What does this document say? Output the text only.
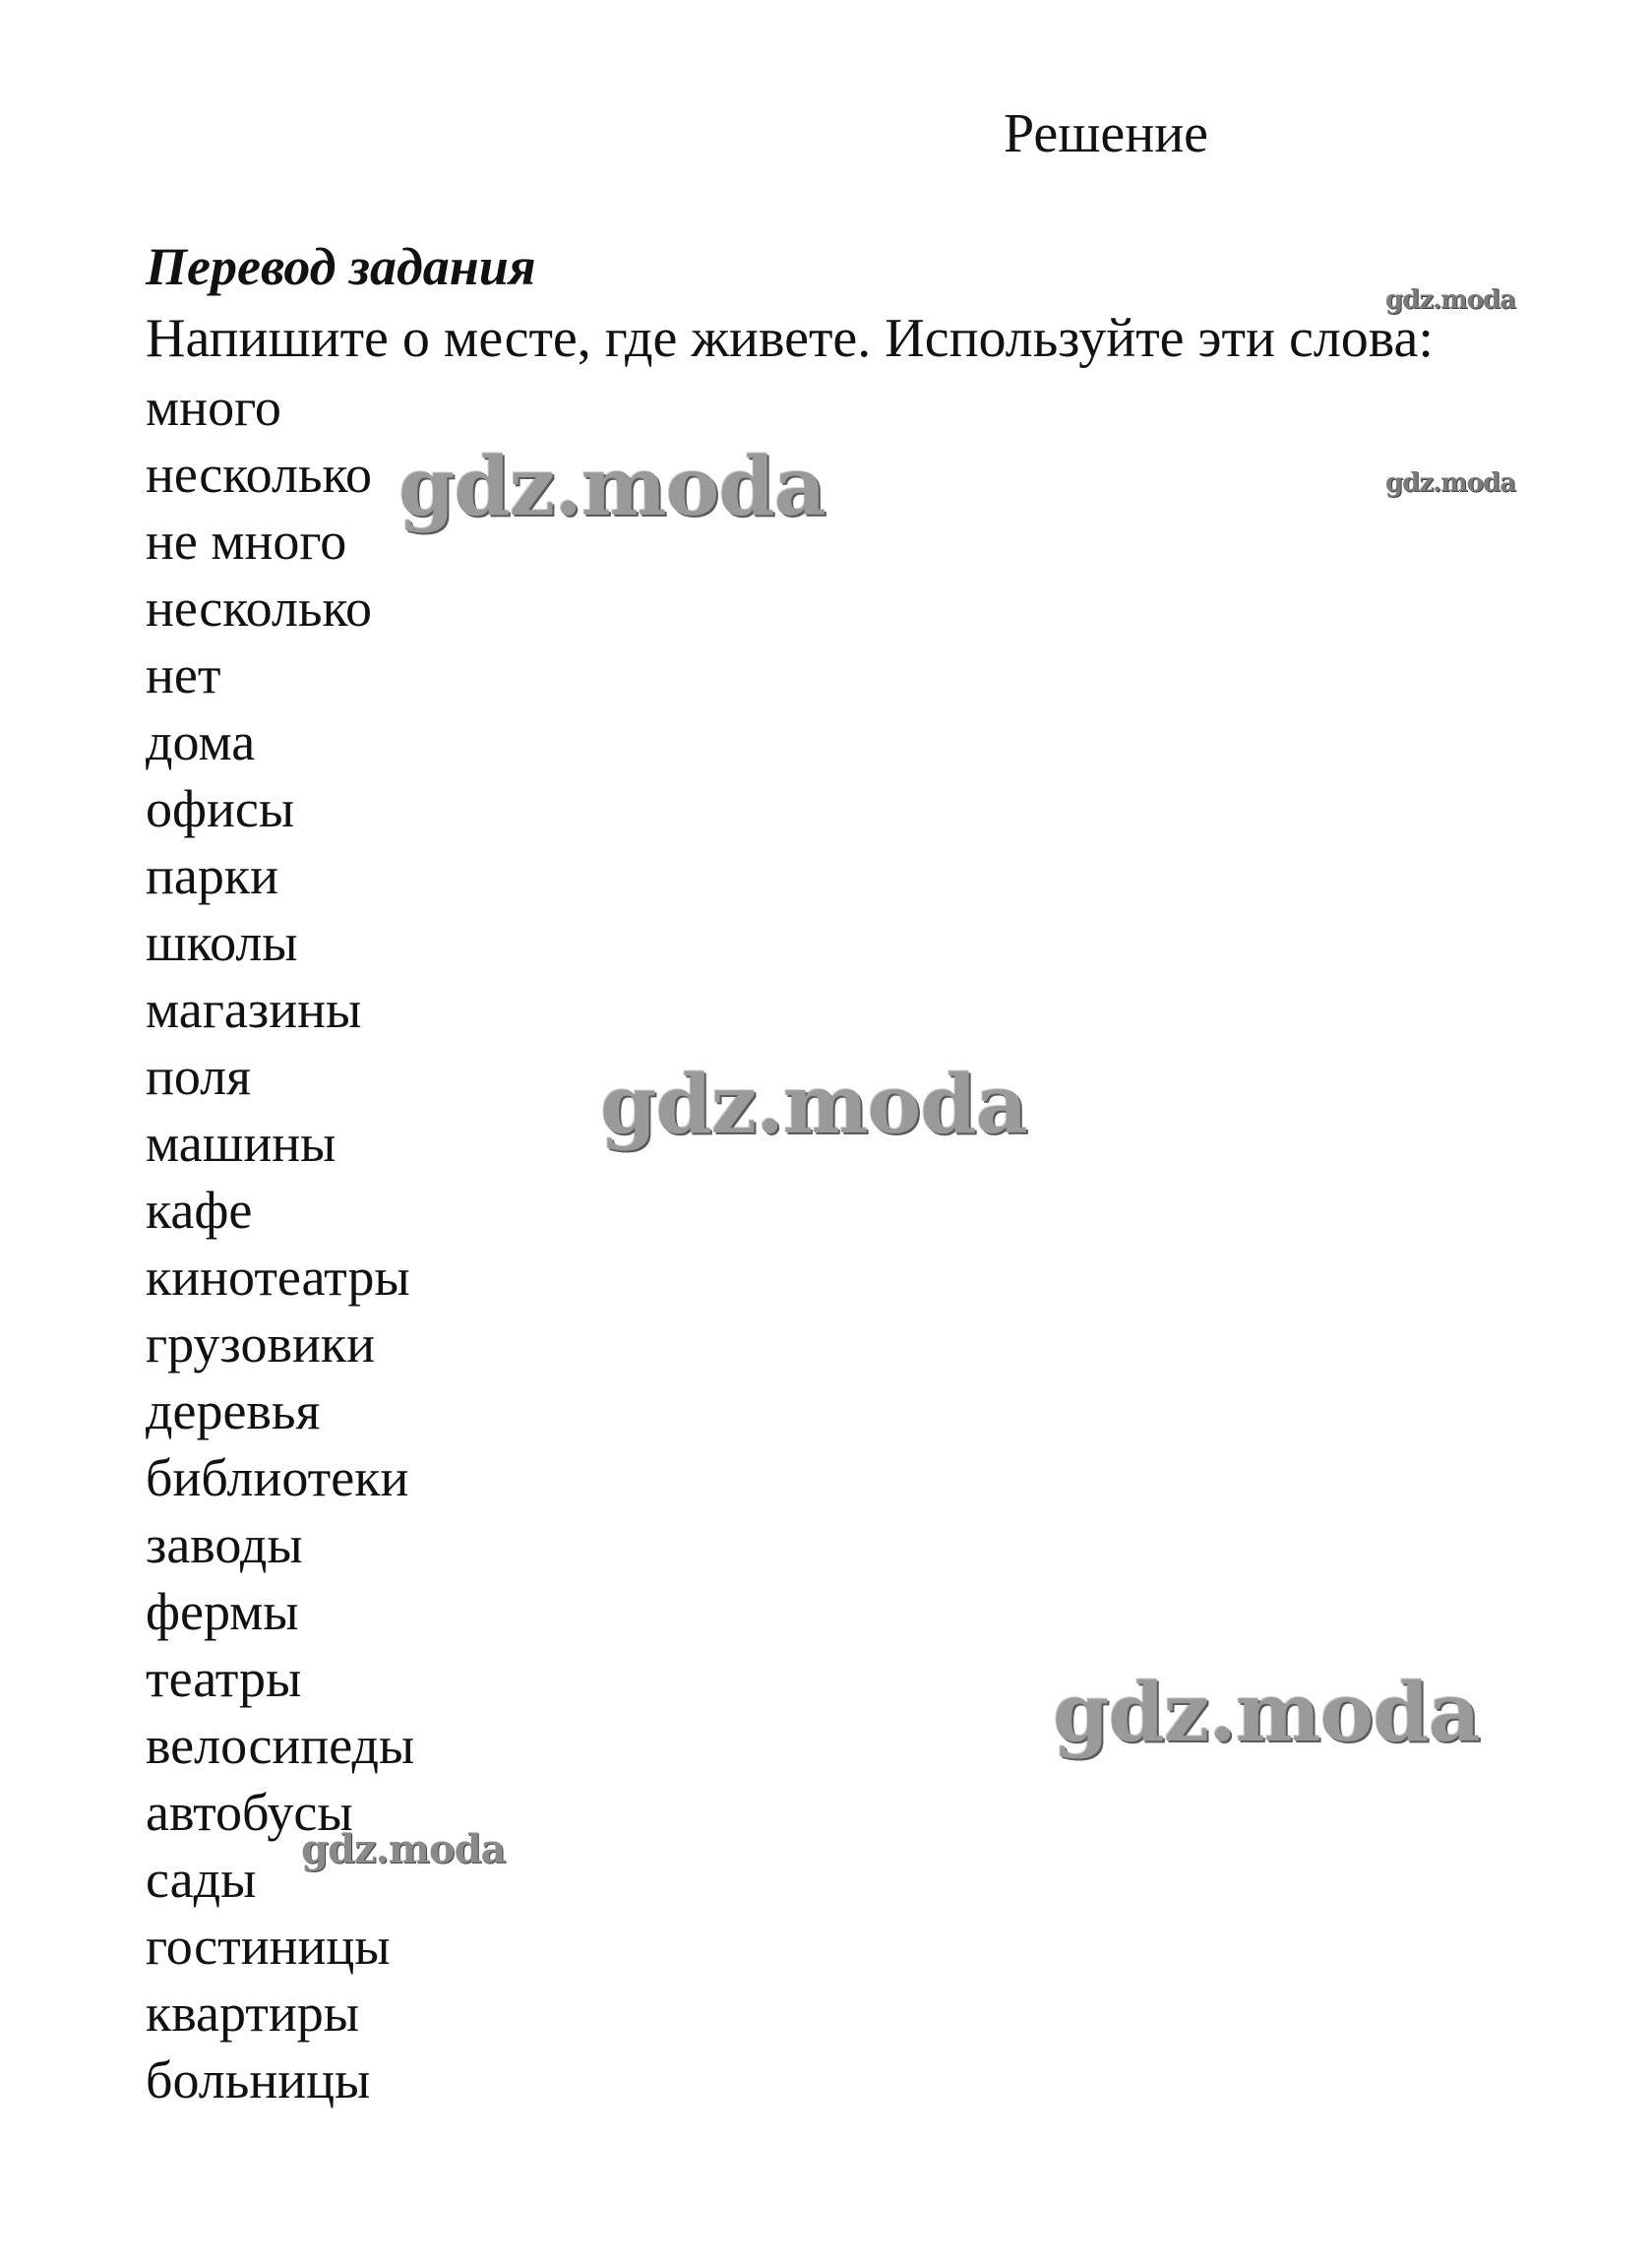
Решение
Перевод задания

Напишите о месте, где живете. Используйте эти слова:

много
несколько
не много
несколько
нет
дома
офисы
парки
школы
магазины
поля
машины
кафе
кинотеатры
грузовики
деревья
библиотеки
заводы
фермы
театры
велосипеды
автобусы
сады
гостиницы
квартиры
больницы
gdz.moda
gdz.moda
gdz.moda
gdz.moda
gdz.moda
gdz.moda
